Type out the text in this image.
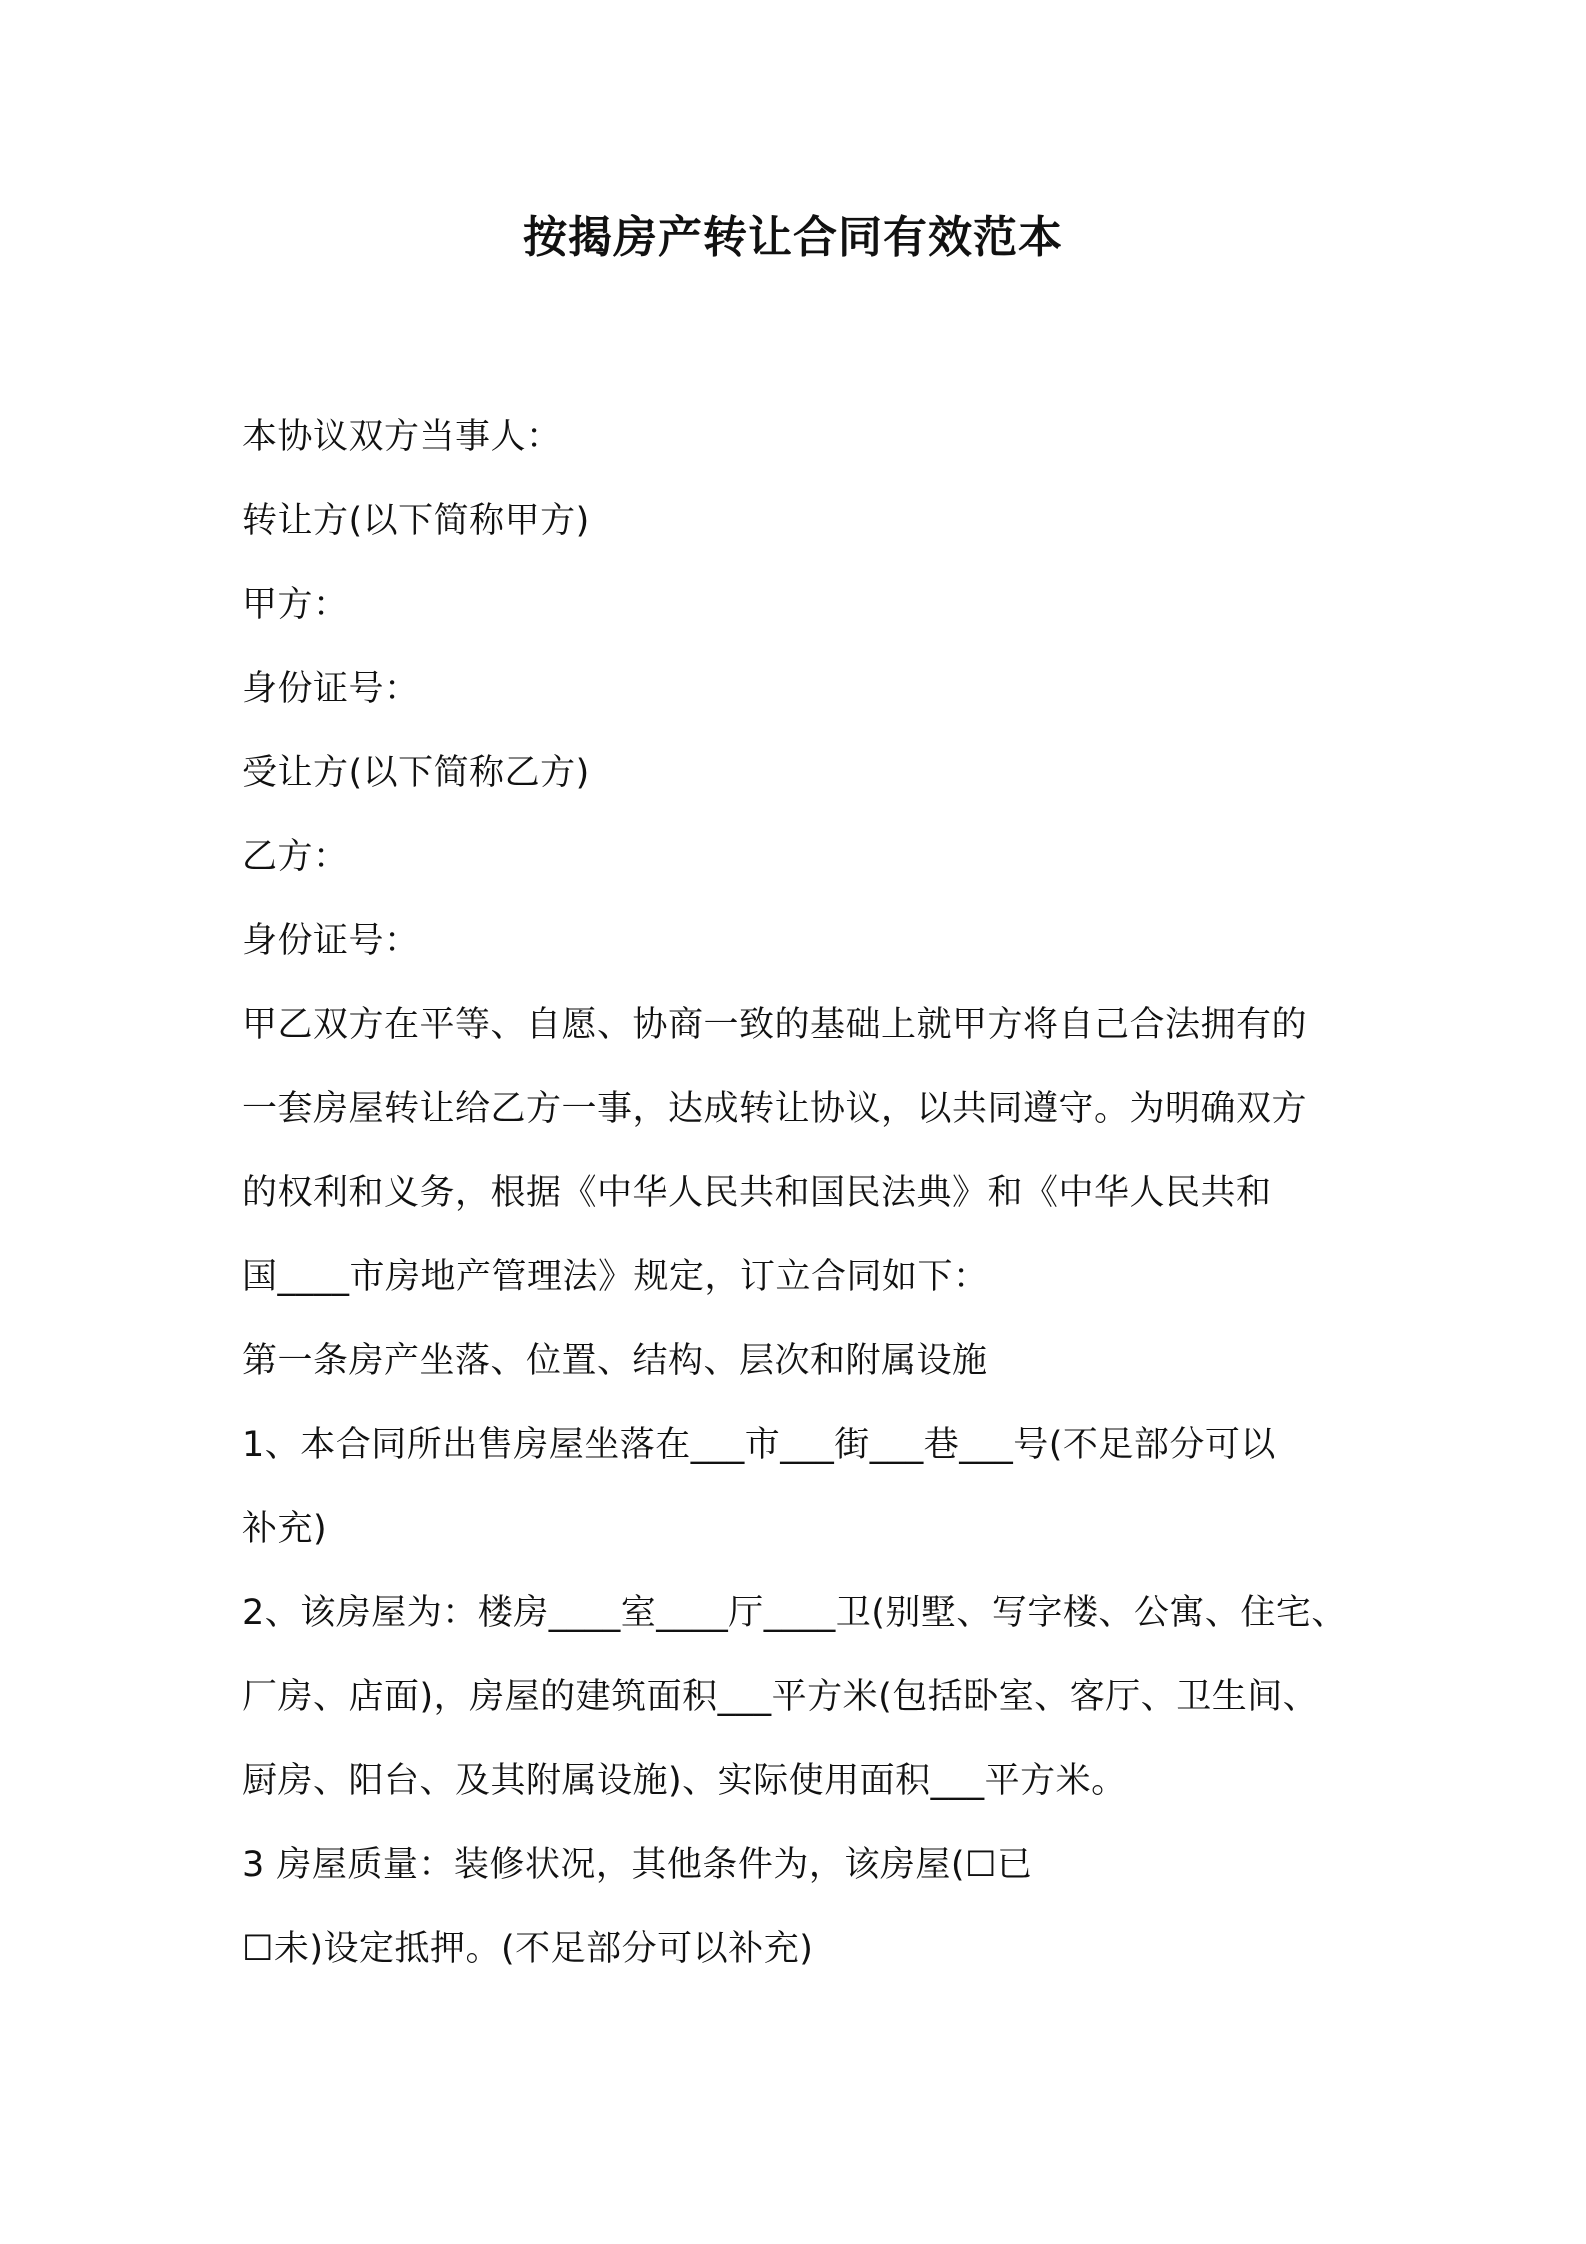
按揭房产转让合同有效范本
本协议双方当事人：
转让方(以下简称甲方)
甲方：
身份证号：
受让方(以下简称乙方)
乙方：
身份证号：
甲乙双方在平等、自愿、协商一致的基础上就甲方将自己合法拥有的
一套房屋转让给乙方一事，达成转让协议，以共同遵守。为明确双方
的权利和义务，根据《中华人民共和国民法典》和《中华人民共和
国____市房地产管理法》规定，订立合同如下：
第一条房产坐落、位置、结构、层次和附属设施
1、本合同所出售房屋坐落在___市___街___巷___号(不足部分可以
补充)
2、该房屋为：楼房____室____厅____卫(别墅、写字楼、公寓、住宅、
厂房、店面)，房屋的建筑面积___平方米(包括卧室、客厅、卫生间、
厨房、阳台、及其附属设施)、实际使用面积___平方米。
3 房屋质量：装修状况，其他条件为，该房屋(☐已
☐未)设定抵押。(不足部分可以补充)
